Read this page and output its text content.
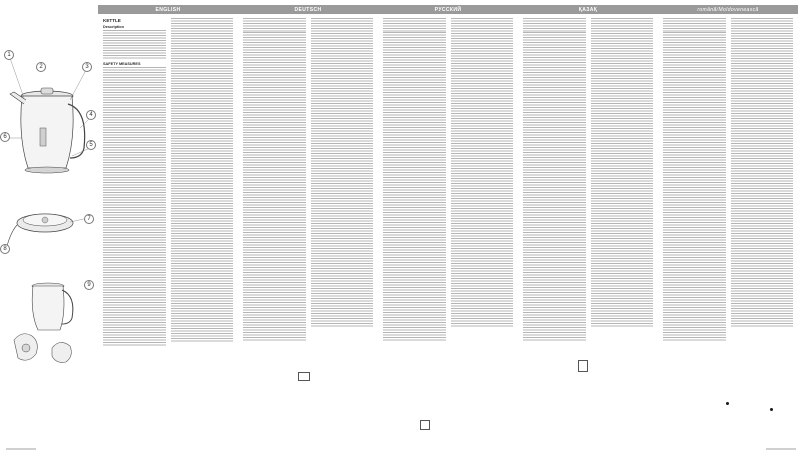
1
2	3
4
5
6
7
8
9
ENGLISH	DEUTSCH	РУССКИЙ	ҚАЗАҚ	română/Moldovenească
KETTLE
Description
SAFETY MEASURES
